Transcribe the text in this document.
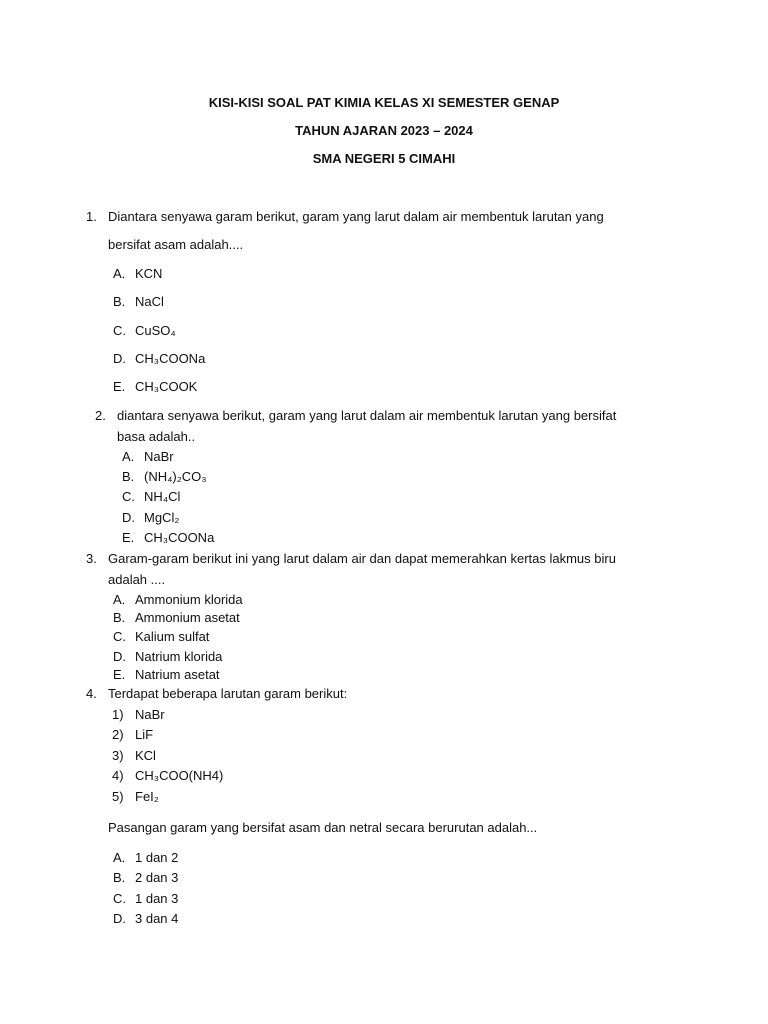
KISI-KISI SOAL PAT KIMIA KELAS XI SEMESTER GENAP
TAHUN AJARAN 2023 – 2024
SMA NEGERI 5 CIMAHI
1. Diantara senyawa garam berikut, garam yang larut dalam air membentuk larutan yang
bersifat asam adalah....
A. KCN
B. NaCl
C. CuSO₄
D. CH₃COONa
E. CH₃COOK
2. diantara senyawa berikut, garam yang larut dalam air membentuk larutan yang bersifat
basa adalah..
A. NaBr
B. (NH₄)₂CO₃
C. NH₄Cl
D. MgCl₂
E. CH₃COONa
3. Garam-garam berikut ini yang larut dalam air dan dapat memerahkan kertas lakmus biru
adalah ....
A. Ammonium klorida
B. Ammonium asetat
C. Kalium sulfat
D. Natrium klorida
E. Natrium asetat
4. Terdapat beberapa larutan garam berikut:
1) NaBr
2) LiF
3) KCl
4) CH₃COO(NH4)
5) FeI₂
Pasangan garam yang bersifat asam dan netral secara berurutan adalah...
A. 1 dan 2
B. 2 dan 3
C. 1 dan 3
D. 3 dan 4
